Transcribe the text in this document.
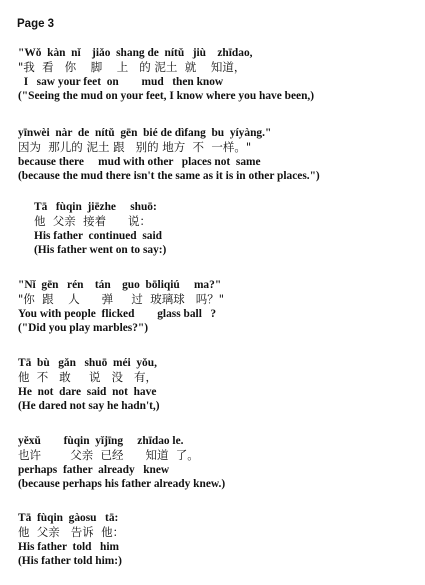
Page 3
"Wǒ  kàn  nǐ    jiǎo  shang de  nítǔ   jiù    zhīdao,
"我  看   你    脚    上   的 泥土  就    知道，
I   saw your feet  on        mud   then know
("Seeing the mud on your feet, I know where you have been,)
yīnwèi  nàr  de  nítǔ  gēn  bié de dìfang  bu  yíyàng."
因为  那儿的 泥土 跟   别的 地方  不  一样。"
because there     mud with other   places not  same
(because the mud there isn't the same as it is in other places.")
Tā   fùqin  jiēzhe     shuō:
他  父亲  接着      说：
His father  continued  said
(His father went on to say:)
"Nǐ  gēn   rén    tán    guo  bōliqiú     ma?"
"你  跟    人      弹     过  玻璃球   吗？"
You with people  flicked        glass ball   ?
("Did you play marbles?")
Tā  bù   gǎn   shuō  méi  yǒu,
他  不   敢     说   没   有，
He  not  dare  said  not  have
(He dared not say he hadn't,)
yěxǔ        fùqin  yǐjīng     zhīdao le.
也许        父亲  已经      知道  了。
perhaps  father  already   knew
(because perhaps his father already knew.)
Tā  fùqin  gàosu   tā:
他  父亲   告诉  他：
His father  told   him
(His father told him:)
